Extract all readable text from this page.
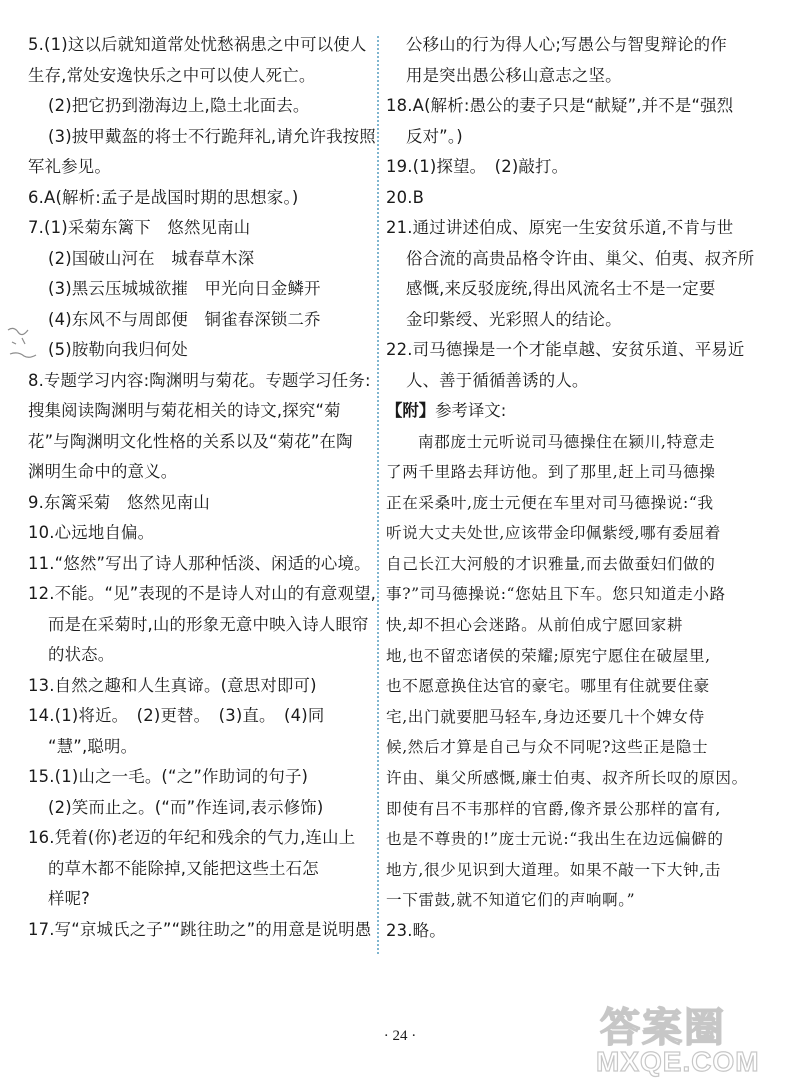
5.(1)这以后就知道常处忧愁祸患之中可以使人
生存,常处安逸快乐之中可以使人死亡。
(2)把它扔到渤海边上,隐土北面去。
(3)披甲戴盔的将士不行跪拜礼,请允许我按照
军礼参见。
6.A(解析:孟子是战国时期的思想家。)
7.(1)采菊东篱下　悠然见南山
(2)国破山河在　城春草木深
(3)黑云压城城欲摧　甲光向日金鳞开
(4)东风不与周郎便　铜雀春深锁二乔
(5)胺勒向我归何处
8.专题学习内容:陶渊明与菊花。专题学习任务:
搜集阅读陶渊明与菊花相关的诗文,探究“菊
花”与陶渊明文化性格的关系以及“菊花”在陶
渊明生命中的意义。
9.东篱采菊　悠然见南山
10.心远地自偏。
11.“悠然”写出了诗人那种恬淡、闲适的心境。
12.不能。“见”表现的不是诗人对山的有意观望,
而是在采菊时,山的形象无意中映入诗人眼帘
的状态。
13.自然之趣和人生真谛。(意思对即可)
14.(1)将近。　(2)更替。　(3)直。　(4)同
“慧”,聪明。
15.(1)山之一毛。(“之”作助词的句子)
(2)笑而止之。(“而”作连词,表示修饰)
16.凭着(你)老迈的年纪和残余的气力,连山上
的草木都不能除掉,又能把这些土石怎
样呢?
17.写“京城氏之子”“跳往助之”的用意是说明愚
公移山的行为得人心;写愚公与智叟辩论的作
用是突出愚公移山意志之坚。
18.A(解析:愚公的妻子只是“献疑”,并不是“强烈
反对”。)
19.(1)探望。　(2)敲打。
20.B
21.通过讲述伯成、原宪一生安贫乐道,不肯与世
俗合流的高贵品格令许由、巢父、伯夷、叔齐所
感慨,来反驳庞统,得出风流名士不是一定要
金印紫绶、光彩照人的结论。
22.司马德操是一个才能卓越、安贫乐道、平易近
人、善于循循善诱的人。
【附】参考译文:
南郡庞士元听说司马德操住在颍川,特意走
了两千里路去拜访他。到了那里,赶上司马德操
正在采桑叶,庞士元便在车里对司马德操说:“我
听说大丈夫处世,应该带金印佩紫绶,哪有委屈着
自己长江大河般的才识雅量,而去做蚕妇们做的
事?”司马德操说:“您姑且下车。您只知道走小路
快,却不担心会迷路。从前伯成宁愿回家耕
地,也不留恋诸侯的荣耀;原宪宁愿住在破屋里,
也不愿意换住达官的豪宅。哪里有住就要住豪
宅,出门就要肥马轻车,身边还要几十个婢女侍
候,然后才算是自己与众不同呢?这些正是隐士
许由、巢父所感慨,廉士伯夷、叔齐所长叹的原因。
即使有吕不韦那样的官爵,像齐景公那样的富有,
也是不尊贵的!”庞士元说:“我出生在边远偏僻的
地方,很少见识到大道理。如果不敲一下大钟,击
一下雷鼓,就不知道它们的声响啊。”
23.略。
· 24 ·	答案圈
MXQE.COM
